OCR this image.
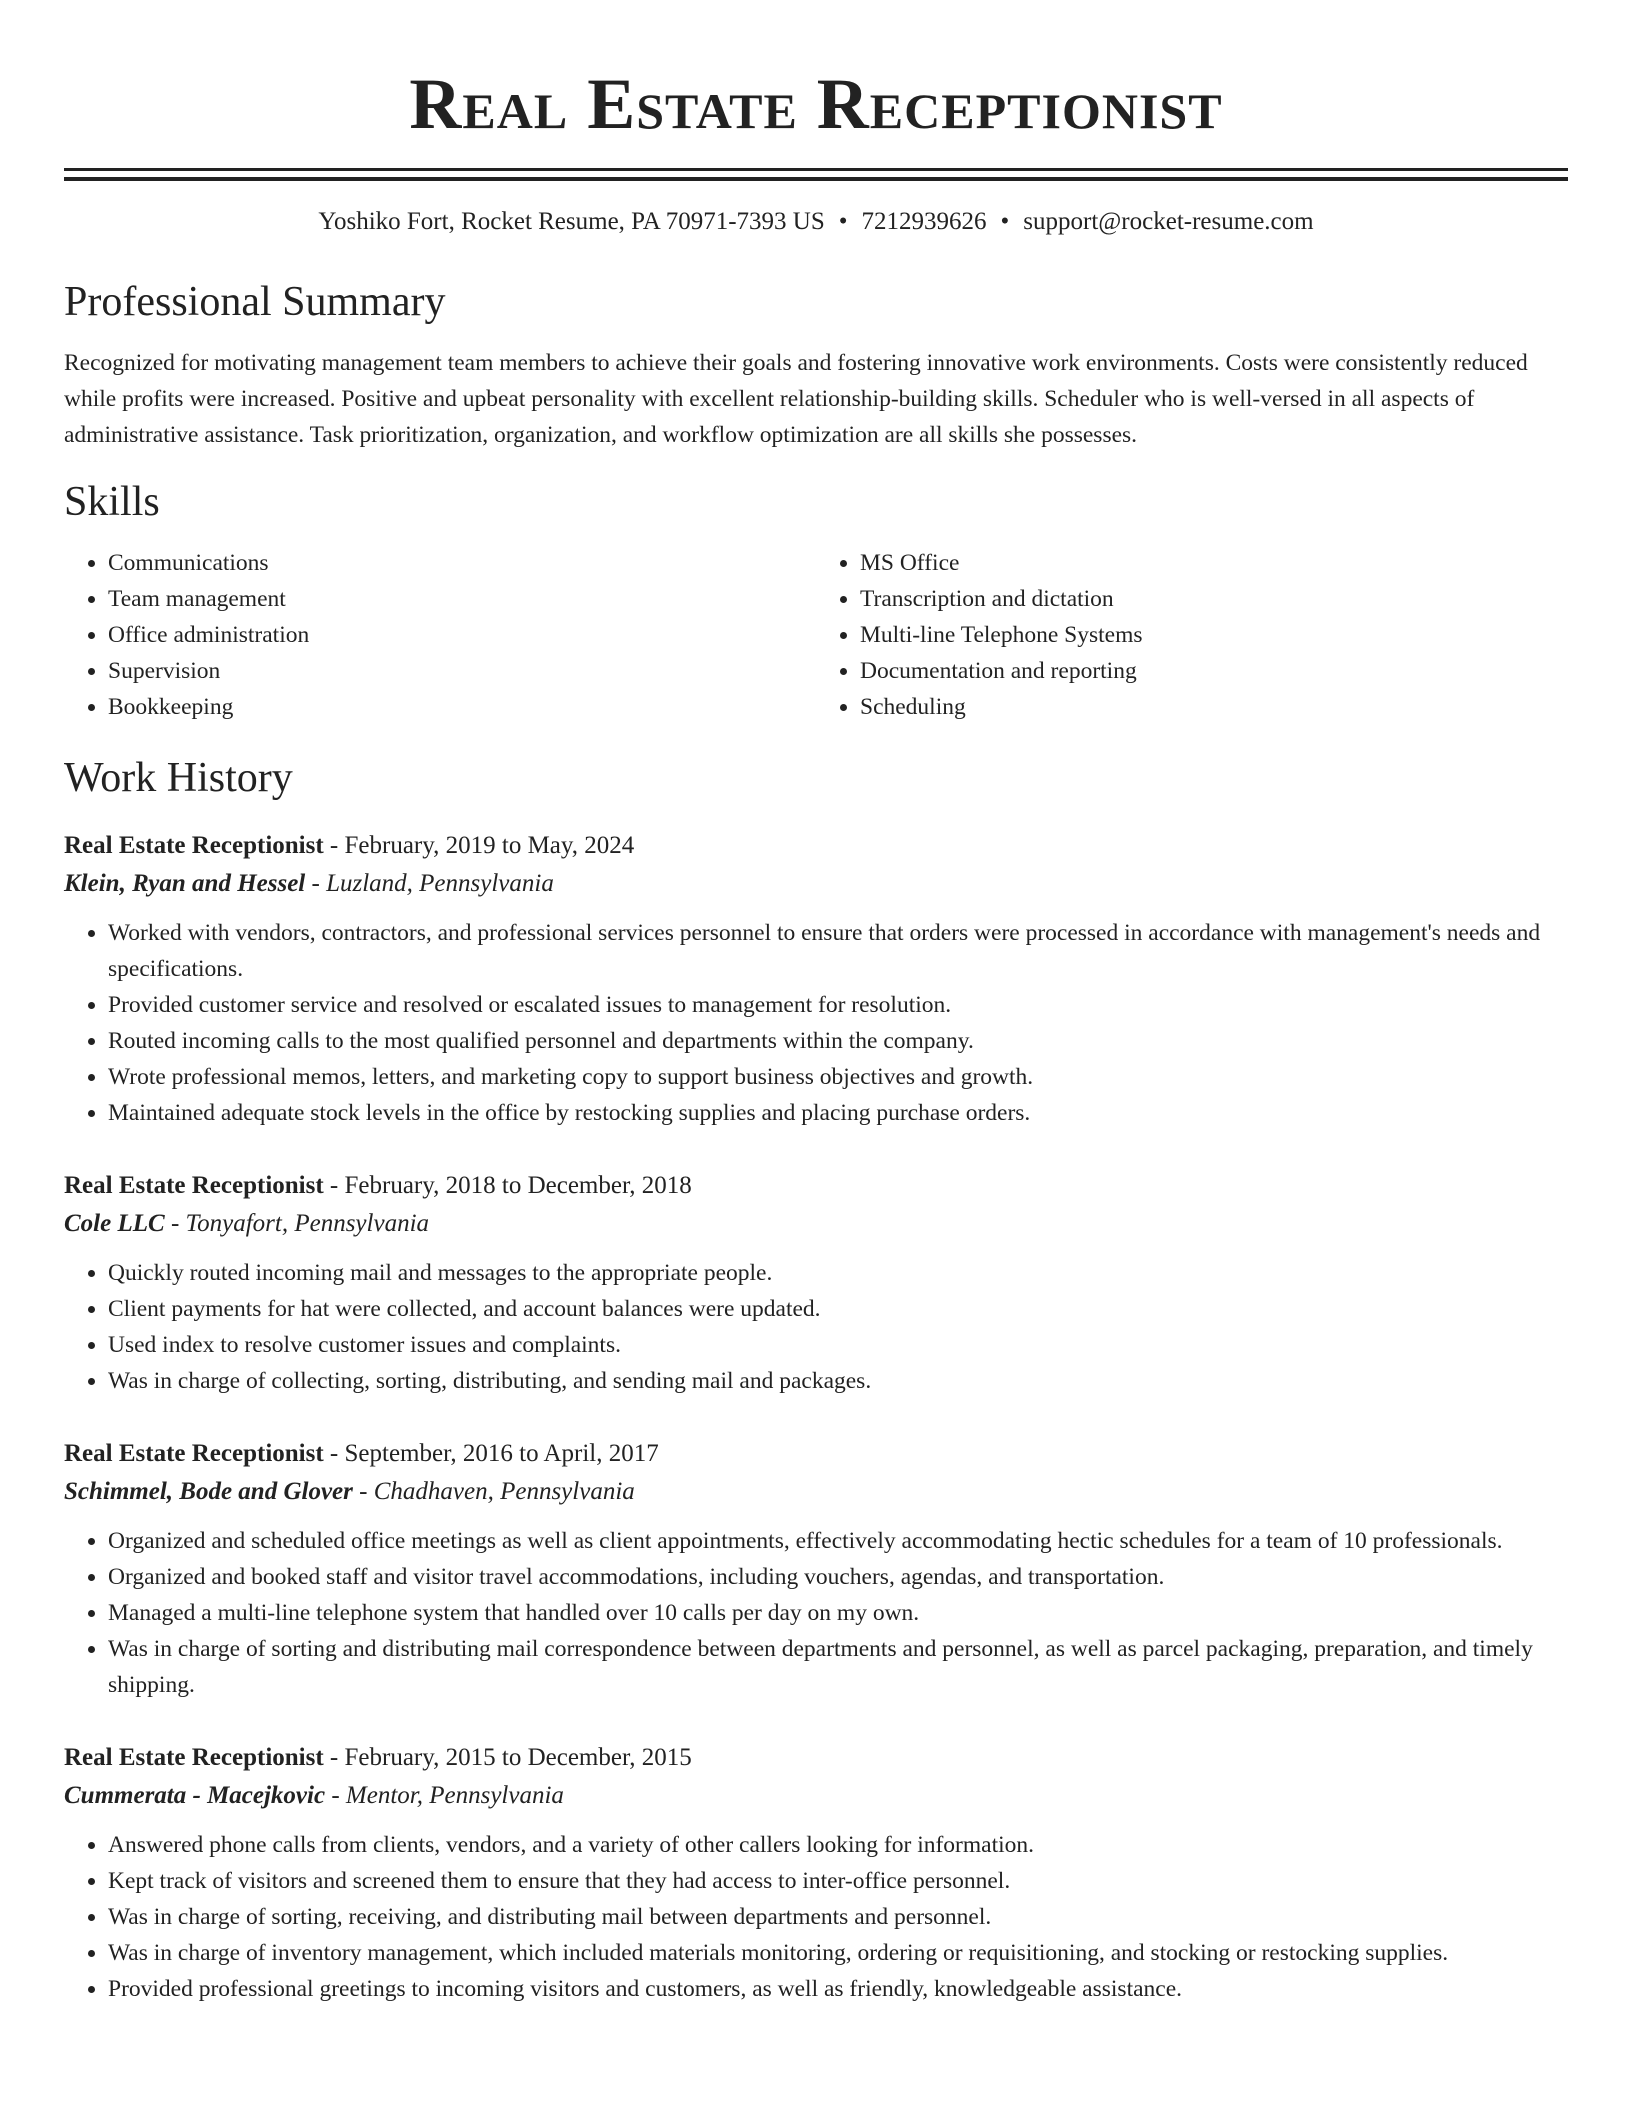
Real Estate Receptionist
Yoshiko Fort, Rocket Resume, PA 70971-7393 US • 7212939626 • support@rocket-resume.com
Professional Summary

Recognized for motivating management team members to achieve their goals and fostering innovative work environments. Costs were consistently reduced while profits were increased. Positive and upbeat personality with excellent relationship-building skills. Scheduler who is well-versed in all aspects of administrative assistance. Task prioritization, organization, and workflow optimization are all skills she possesses.

Skills
• Communications
• Team management
• Office administration
• Supervision
• Bookkeeping
• MS Office
• Transcription and dictation
• Multi-line Telephone Systems
• Documentation and reporting
• Scheduling
Work History
Real Estate Receptionist - February, 2019 to May, 2024
Klein, Ryan and Hessel - Luzland, Pennsylvania
• Worked with vendors, contractors, and professional services personnel to ensure that orders were processed in accordance with management's needs and specifications.
• Provided customer service and resolved or escalated issues to management for resolution.
• Routed incoming calls to the most qualified personnel and departments within the company.
• Wrote professional memos, letters, and marketing copy to support business objectives and growth.
• Maintained adequate stock levels in the office by restocking supplies and placing purchase orders.
Real Estate Receptionist - February, 2018 to December, 2018
Cole LLC - Tonyafort, Pennsylvania
• Quickly routed incoming mail and messages to the appropriate people.
• Client payments for hat were collected, and account balances were updated.
• Used index to resolve customer issues and complaints.
• Was in charge of collecting, sorting, distributing, and sending mail and packages.
Real Estate Receptionist - September, 2016 to April, 2017
Schimmel, Bode and Glover - Chadhaven, Pennsylvania
• Organized and scheduled office meetings as well as client appointments, effectively accommodating hectic schedules for a team of 10 professionals.
• Organized and booked staff and visitor travel accommodations, including vouchers, agendas, and transportation.
• Managed a multi-line telephone system that handled over 10 calls per day on my own.
• Was in charge of sorting and distributing mail correspondence between departments and personnel, as well as parcel packaging, preparation, and timely shipping.
Real Estate Receptionist - February, 2015 to December, 2015
Cummerata - Macejkovic - Mentor, Pennsylvania
• Answered phone calls from clients, vendors, and a variety of other callers looking for information.
• Kept track of visitors and screened them to ensure that they had access to inter-office personnel.
• Was in charge of sorting, receiving, and distributing mail between departments and personnel.
• Was in charge of inventory management, which included materials monitoring, ordering or requisitioning, and stocking or restocking supplies.
• Provided professional greetings to incoming visitors and customers, as well as friendly, knowledgeable assistance.
